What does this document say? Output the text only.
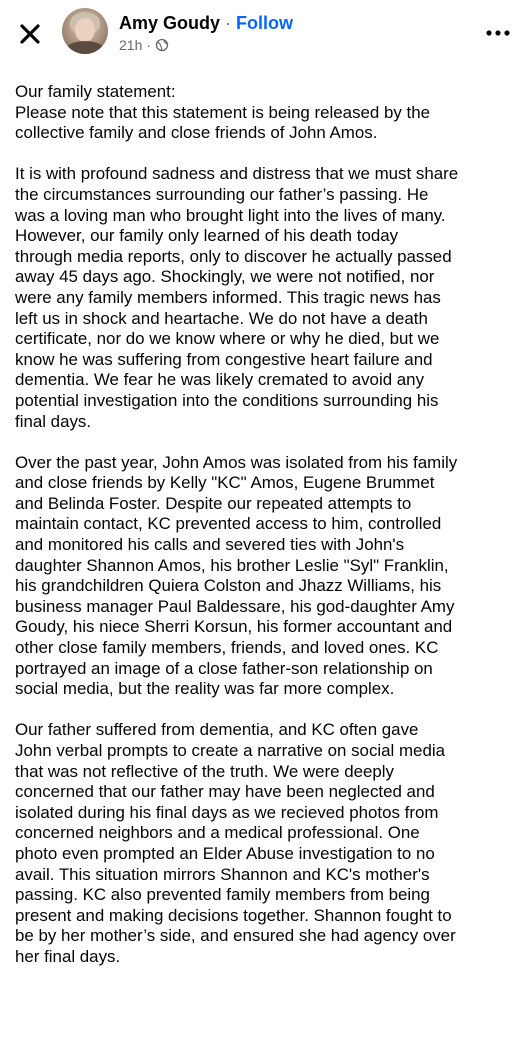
Amy Goudy · Follow
21h ·

Our family statement:
Please note that this statement is being released by the
collective family and close friends of John Amos.

It is with profound sadness and distress that we must share
the circumstances surrounding our father’s passing. He
was a loving man who brought light into the lives of many.
However, our family only learned of his death today
through media reports, only to discover he actually passed
away 45 days ago. Shockingly, we were not notified, nor
were any family members informed. This tragic news has
left us in shock and heartache. We do not have a death
certificate, nor do we know where or why he died, but we
know he was suffering from congestive heart failure and
dementia. We fear he was likely cremated to avoid any
potential investigation into the conditions surrounding his
final days.

Over the past year, John Amos was isolated from his family
and close friends by Kelly "KC" Amos, Eugene Brummet
and Belinda Foster. Despite our repeated attempts to
maintain contact, KC prevented access to him, controlled
and monitored his calls and severed ties with John's
daughter Shannon Amos, his brother Leslie "Syl" Franklin,
his grandchildren Quiera Colston and Jhazz Williams, his
business manager Paul Baldessare, his god-daughter Amy
Goudy, his niece Sherri Korsun, his former accountant and
other close family members, friends, and loved ones. KC
portrayed an image of a close father-son relationship on
social media, but the reality was far more complex.

Our father suffered from dementia, and KC often gave
John verbal prompts to create a narrative on social media
that was not reflective of the truth. We were deeply
concerned that our father may have been neglected and
isolated during his final days as we recieved photos from
concerned neighbors and a medical professional. One
photo even prompted an Elder Abuse investigation to no
avail. This situation mirrors Shannon and KC's mother's
passing. KC also prevented family members from being
present and making decisions together. Shannon fought to
be by her mother’s side, and ensured she had agency over
her final days.
